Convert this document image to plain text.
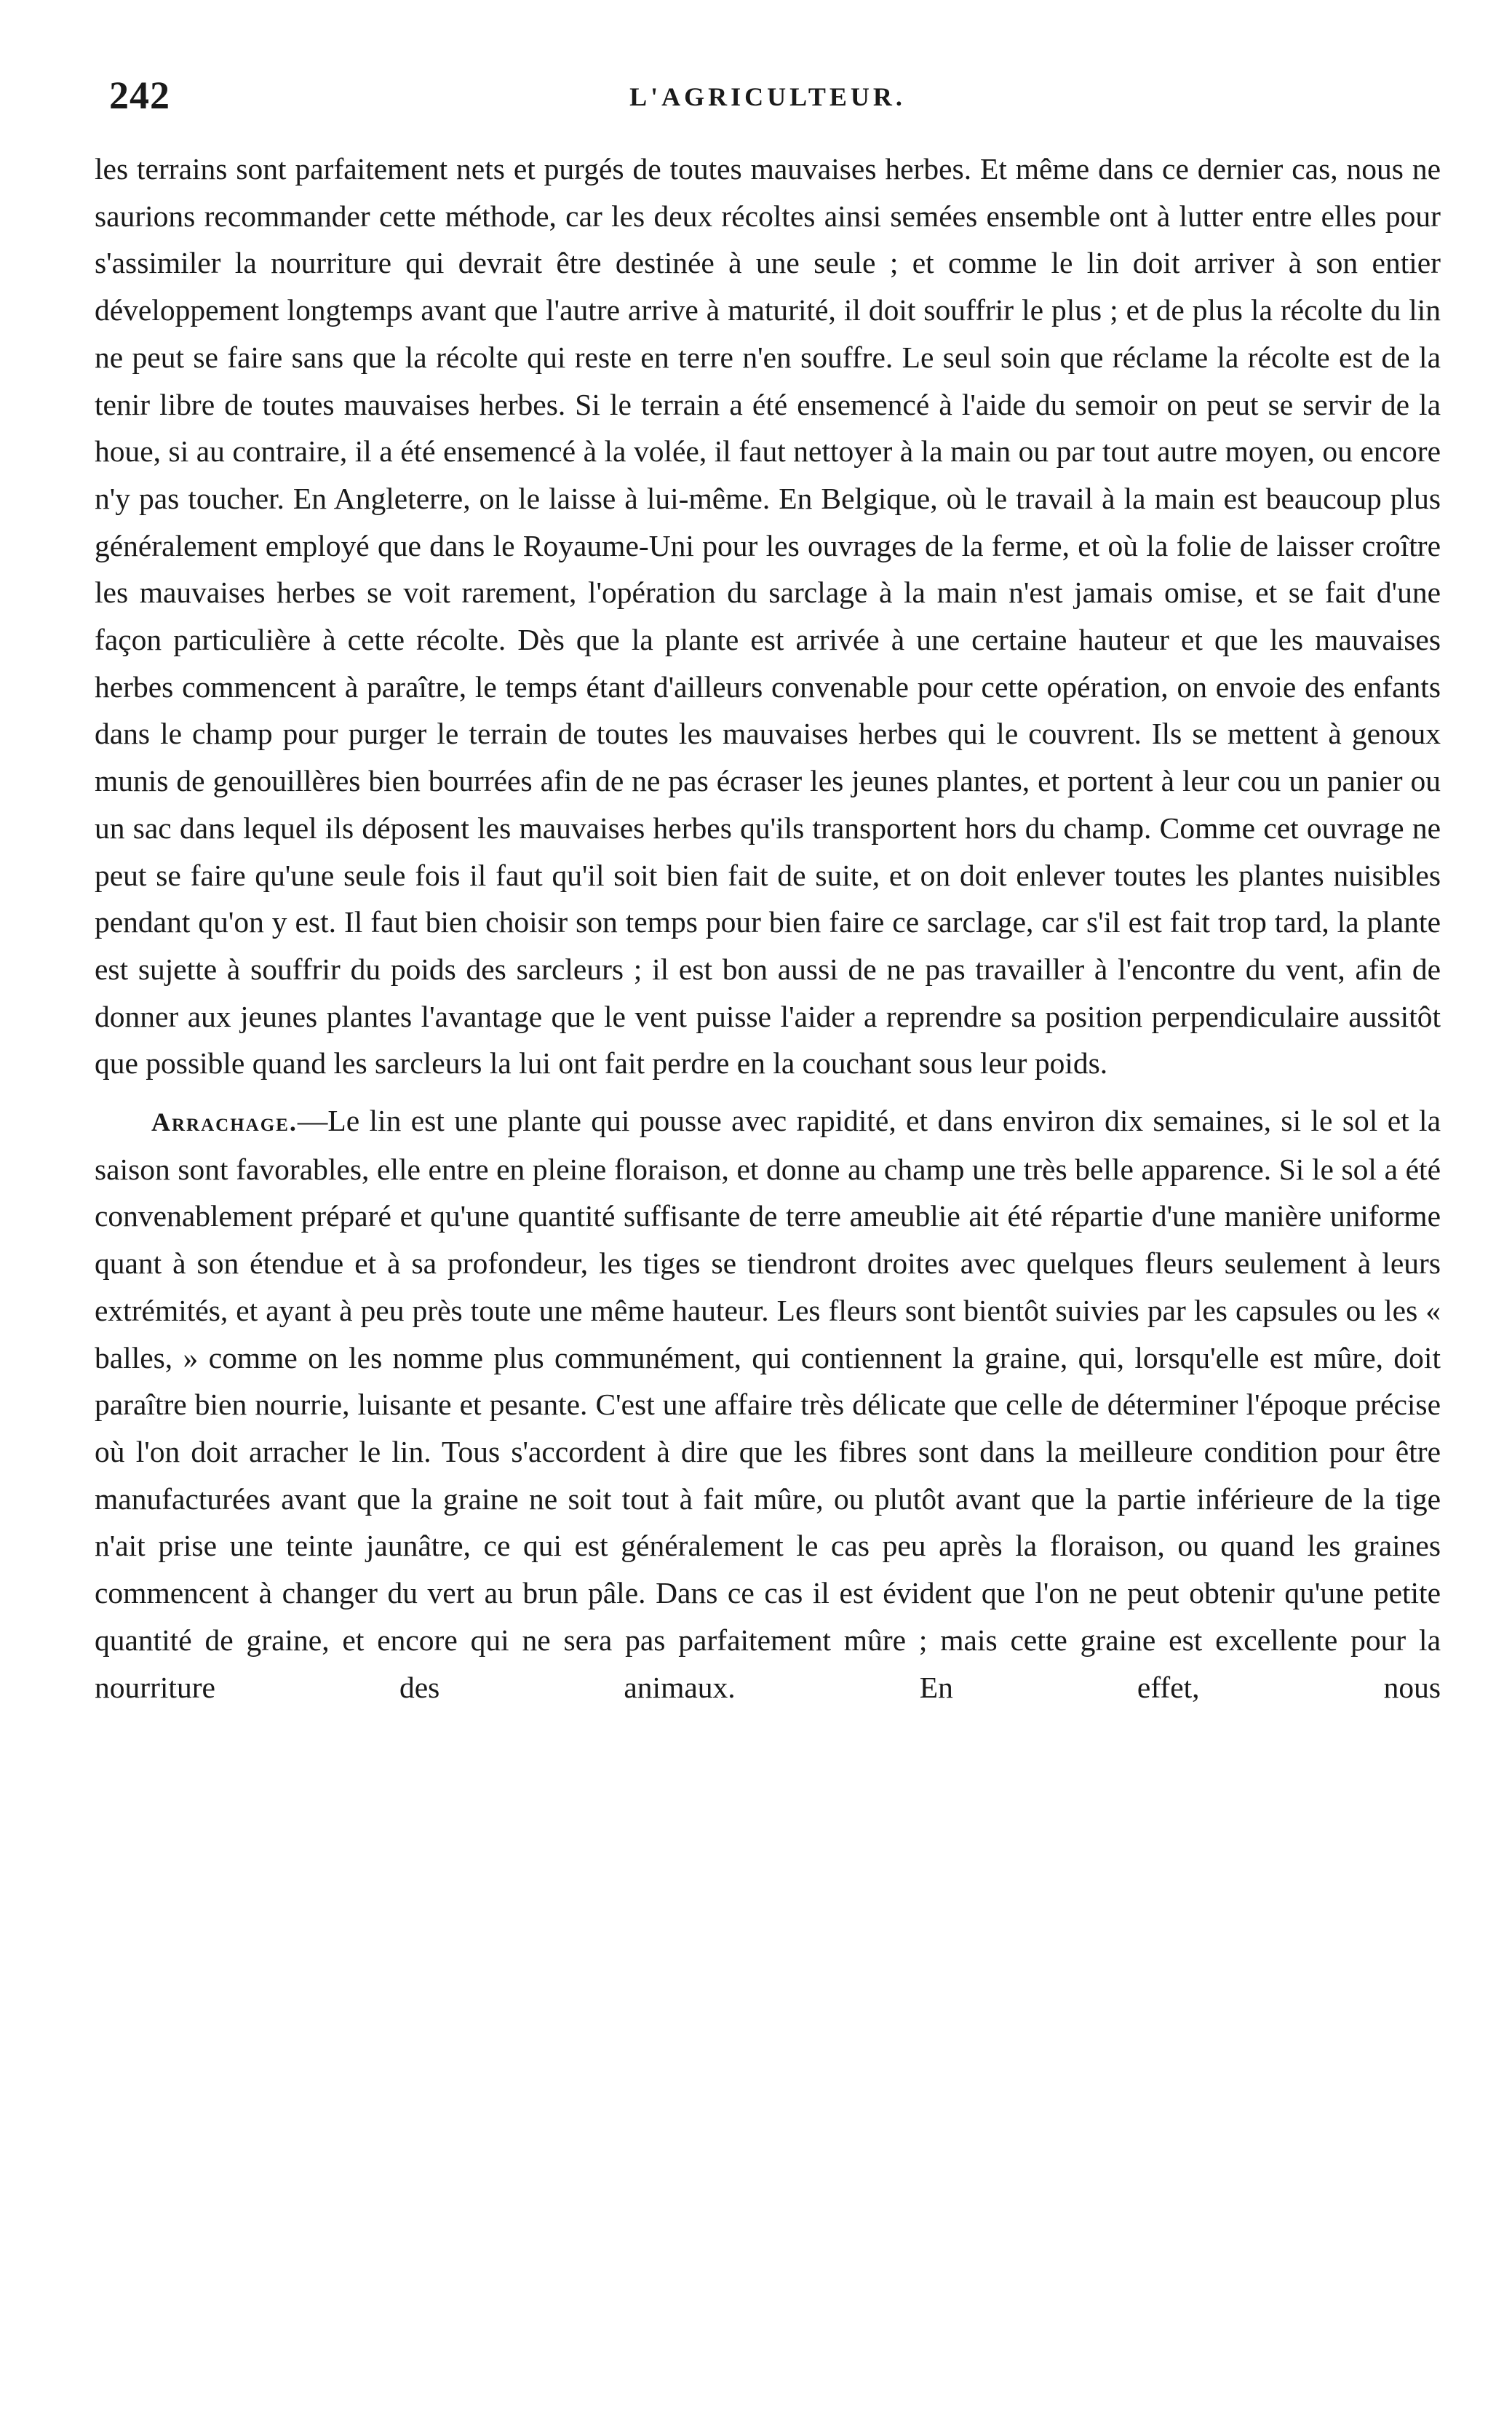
242	L'AGRICULTEUR.

les terrains sont parfaitement nets et purgés de toutes mauvaises herbes. Et même dans ce dernier cas, nous ne saurions recommander cette méthode, car les deux récoltes ainsi semées ensemble ont à lutter entre elles pour s'assimiler la nourriture qui devrait être destinée à une seule ; et comme le lin doit arriver à son entier développement longtemps avant que l'autre arrive à maturité, il doit souffrir le plus ; et de plus la récolte du lin ne peut se faire sans que la récolte qui reste en terre n'en souffre. Le seul soin que réclame la récolte est de la tenir libre de toutes mauvaises herbes. Si le terrain a été ensemencé à l'aide du semoir on peut se servir de la houe, si au contraire, il a été ensemencé à la volée, il faut nettoyer à la main ou par tout autre moyen, ou encore n'y pas toucher. En Angleterre, on le laisse à lui-même. En Belgique, où le travail à la main est beaucoup plus généralement employé que dans le Royaume-Uni pour les ouvrages de la ferme, et où la folie de laisser croître les mauvaises herbes se voit rarement, l'opération du sarclage à la main n'est jamais omise, et se fait d'une façon particulière à cette récolte. Dès que la plante est arrivée à une certaine hauteur et que les mauvaises herbes commencent à paraître, le temps étant d'ailleurs convenable pour cette opération, on envoie des enfants dans le champ pour purger le terrain de toutes les mauvaises herbes qui le couvrent. Ils se mettent à genoux munis de genouillères bien bourrées afin de ne pas écraser les jeunes plantes, et portent à leur cou un panier ou un sac dans lequel ils déposent les mauvaises herbes qu'ils transportent hors du champ. Comme cet ouvrage ne peut se faire qu'une seule fois il faut qu'il soit bien fait de suite, et on doit enlever toutes les plantes nuisibles pendant qu'on y est. Il faut bien choisir son temps pour bien faire ce sarclage, car s'il est fait trop tard, la plante est sujette à souffrir du poids des sarcleurs ; il est bon aussi de ne pas travailler à l'encontre du vent, afin de donner aux jeunes plantes l'avantage que le vent puisse l'aider a reprendre sa position perpendiculaire aussitôt que possible quand les sarcleurs la lui ont fait perdre en la couchant sous leur poids.

Arrachage.—Le lin est une plante qui pousse avec rapidité, et dans environ dix semaines, si le sol et la saison sont favorables, elle entre en pleine floraison, et donne au champ une très belle apparence. Si le sol a été convenablement préparé et qu'une quantité suffisante de terre ameublie ait été répartie d'une manière uniforme quant à son étendue et à sa profondeur, les tiges se tiendront droites avec quelques fleurs seulement à leurs extrémités, et ayant à peu près toute une même hauteur. Les fleurs sont bientôt suivies par les capsules ou les « balles, » comme on les nomme plus communément, qui contiennent la graine, qui, lorsqu'elle est mûre, doit paraître bien nourrie, luisante et pesante. C'est une affaire très délicate que celle de déterminer l'époque précise où l'on doit arracher le lin. Tous s'accordent à dire que les fibres sont dans la meilleure condition pour être manufacturées avant que la graine ne soit tout à fait mûre, ou plutôt avant que la partie inférieure de la tige n'ait prise une teinte jaunâtre, ce qui est généralement le cas peu après la floraison, ou quand les graines commencent à changer du vert au brun pâle. Dans ce cas il est évident que l'on ne peut obtenir qu'une petite quantité de graine, et encore qui ne sera pas parfaitement mûre ; mais cette graine est excellente pour la nourriture des animaux. En effet, nous
